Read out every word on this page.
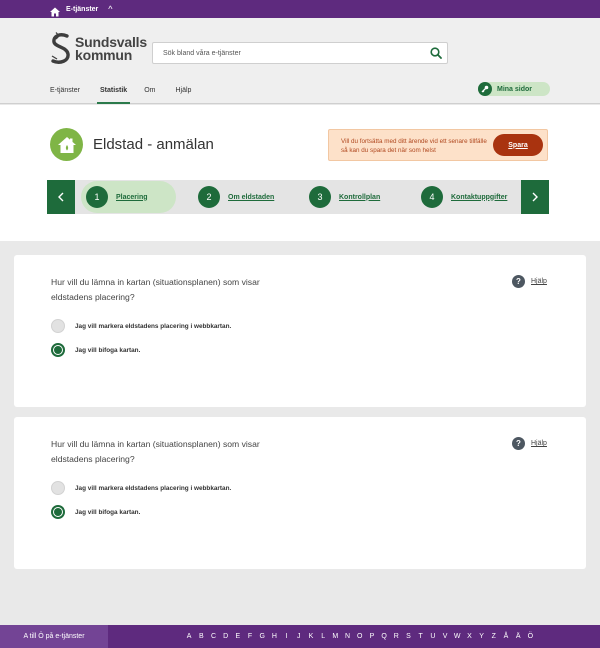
E-tjänster ^
Sundsvalls
kommun	Sök bland våra e-tjänster
E-tjänster	Statistik	Om	Hjälp	Mina sidor
Eldstad - anmälan	Vill du fortsätta med ditt ärende vid ett senare tillfälle så kan du spara det när som helst
Spara
1	Placering	2	Om eldstaden	3	Kontrollplan	4	Kontaktuppgifter
Hur vill du lämna in kartan (situationsplanen) som visar eldstadens placering?
?	Hjälp
Jag vill markera eldstadens placering i webbkartan.
Jag vill bifoga kartan.
Hur vill du lämna in kartan (situationsplanen) som visar eldstadens placering?
?	Hjälp
Jag vill markera eldstadens placering i webbkartan.
Jag vill bifoga kartan.
A till Ö på e-tjänster	A	B	C	D	E	F	G H	I	J	K	L	M N O	P	Q R	S	T	U	V W X	Y	Z	Å	Ä	Ö
